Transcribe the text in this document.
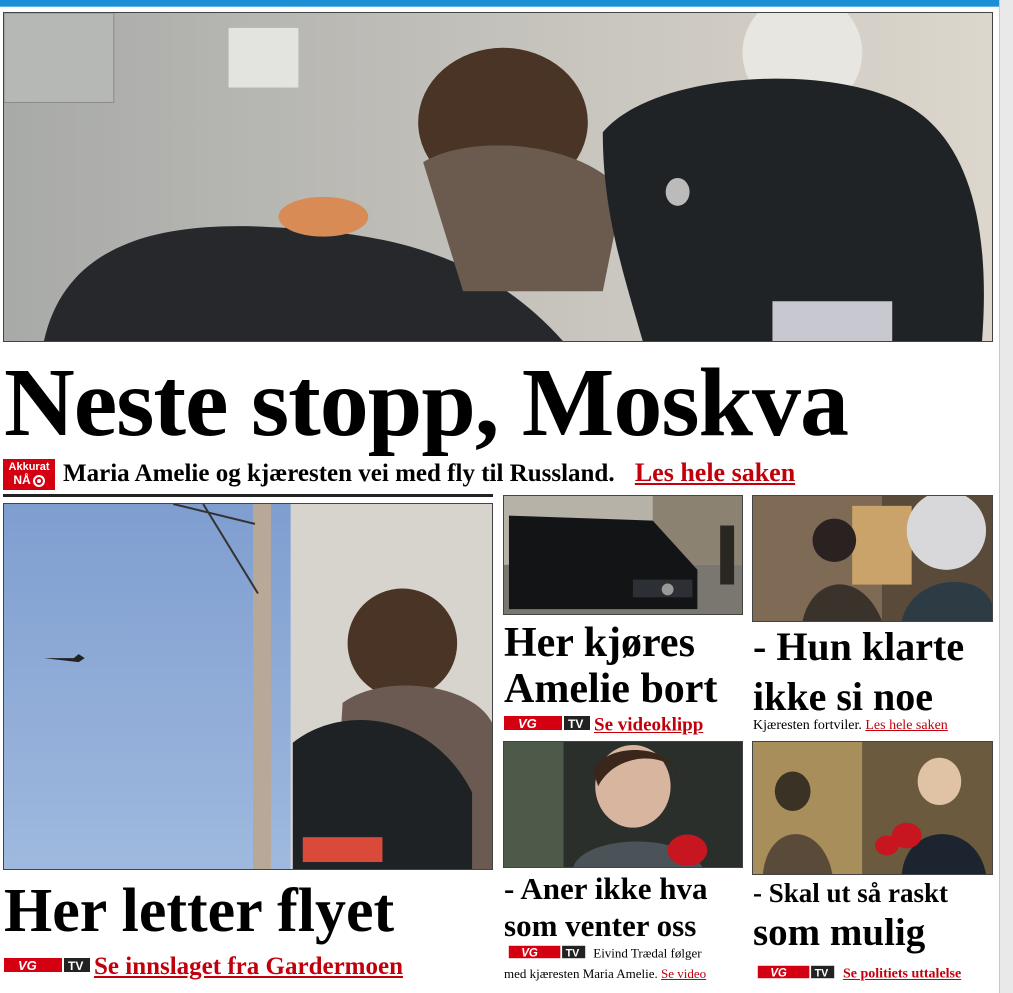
Neste stopp, Moskva
Akkurat
NÅ	Maria Amelie og kjæresten vei med fly til Russland. Les hele saken
Her letter flyet
VG	TV Se innslaget fra Gardermoen
Her kjøres
Amelie bort
VG	TV Se videoklipp
- Hun klarte
ikke si noe
Kjæresten fortviler. Les hele saken
- Aner ikke hva
som venter oss
VG TV Eivind Trædal følger
med kjæresten Maria Amelie. Se video
- Skal ut så raskt
som mulig
VG TV Se politiets uttalelse
